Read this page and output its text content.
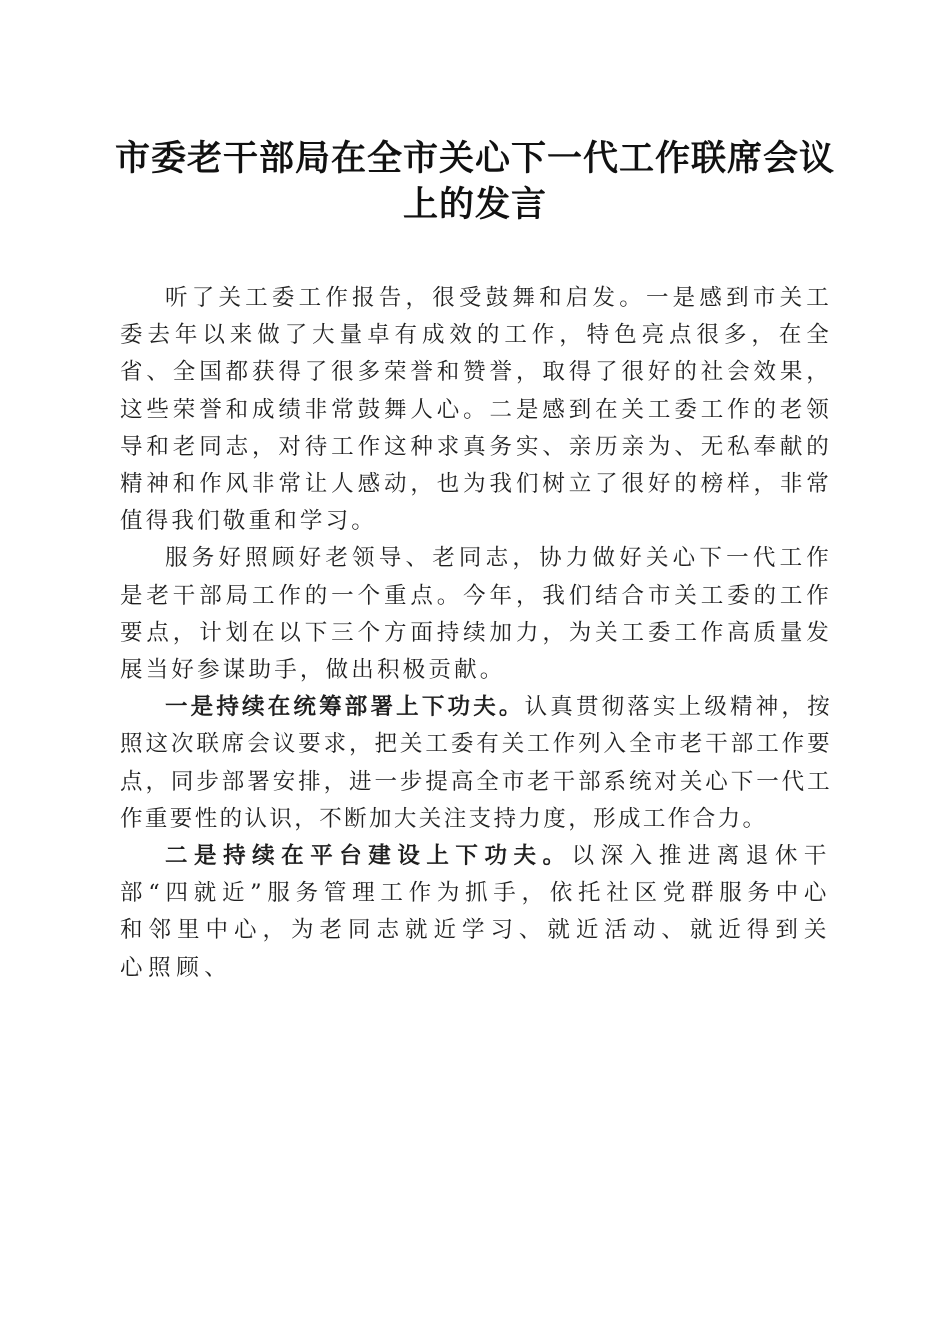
市委老干部局在全市关心下一代工作联席会议
上的发言

听了关工委工作报告，很受鼓舞和启发。一是感到市关工委去年以来做了大量卓有成效的工作，特色亮点很多，在全省、全国都获得了很多荣誉和赞誉，取得了很好的社会效果，这些荣誉和成绩非常鼓舞人心。二是感到在关工委工作的老领导和老同志，对待工作这种求真务实、亲历亲为、无私奉献的精神和作风非常让人感动，也为我们树立了很好的榜样，非常值得我们敬重和学习。

服务好照顾好老领导、老同志，协力做好关心下一代工作是老干部局工作的一个重点。今年，我们结合市关工委的工作要点，计划在以下三个方面持续加力，为关工委工作高质量发展当好参谋助手，做出积极贡献。

一是持续在统筹部署上下功夫。认真贯彻落实上级精神，按照这次联席会议要求，把关工委有关工作列入全市老干部工作要点，同步部署安排，进一步提高全市老干部系统对关心下一代工作重要性的认识，不断加大关注支持力度，形成工作合力。

二是持续在平台建设上下功夫。以深入推进离退休干部“四就近”服务管理工作为抓手，依托社区党群服务中心和邻里中心，为老同志就近学习、就近活动、就近得到关心照顾、
